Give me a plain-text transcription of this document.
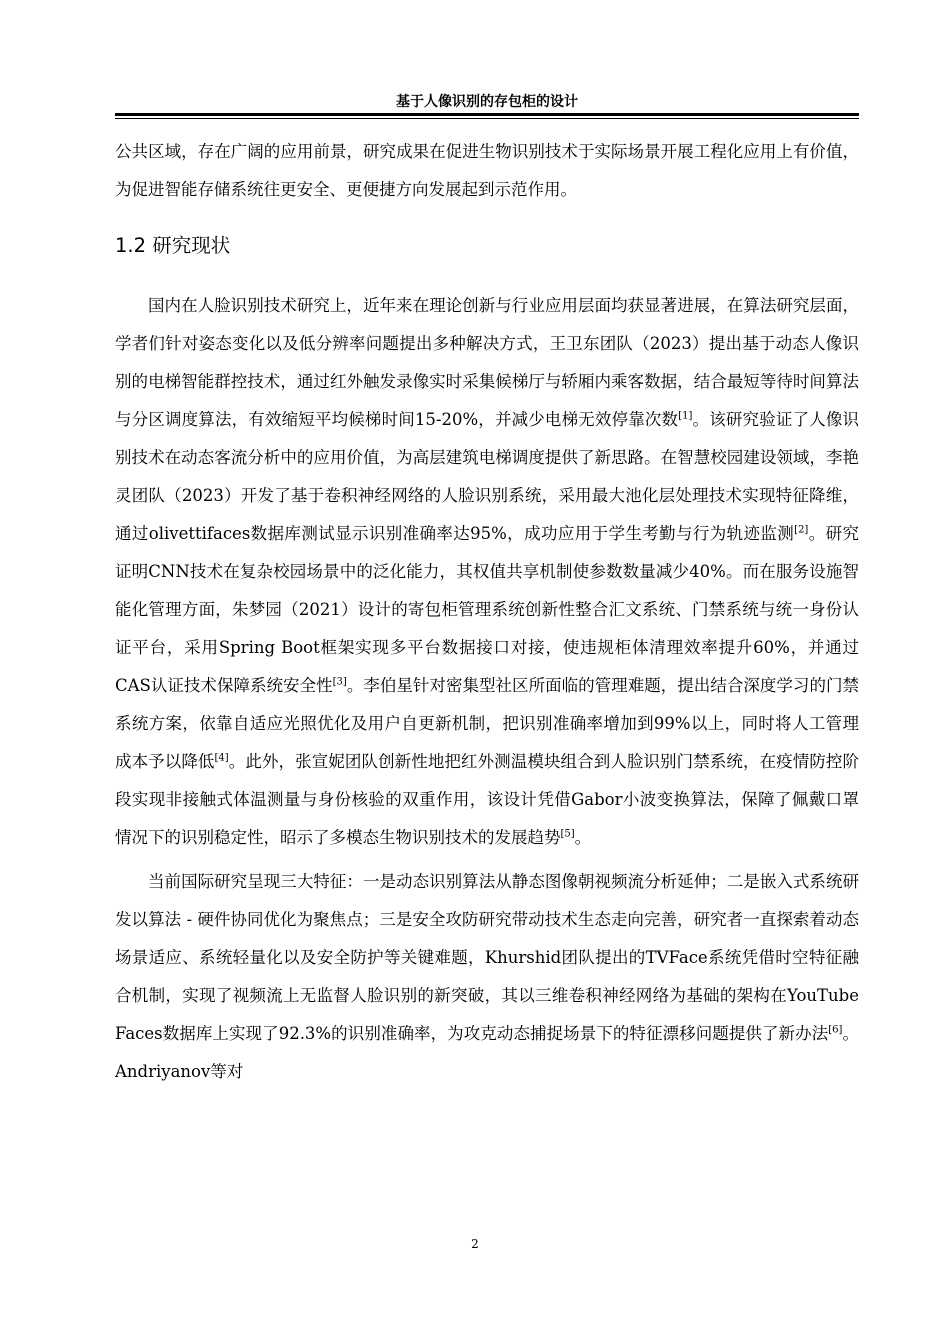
基于人像识别的存包柜的设计

公共区域，存在广阔的应用前景，研究成果在促进生物识别技术于实际场景开展工程化应用上有价值，为促进智能存储系统往更安全、更便捷方向发展起到示范作用。

1.2 研究现状

国内在人脸识别技术研究上，近年来在理论创新与行业应用层面均获显著进展，在算法研究层面，学者们针对姿态变化以及低分辨率问题提出多种解决方式，王卫东团队（2023）提出基于动态人像识别的电梯智能群控技术，通过红外触发录像实时采集候梯厅与轿厢内乘客数据，结合最短等待时间算法与分区调度算法，有效缩短平均候梯时间15-20%，并减少电梯无效停靠次数[1]。该研究验证了人像识别技术在动态客流分析中的应用价值，为高层建筑电梯调度提供了新思路。在智慧校园建设领域，李艳灵团队（2023）开发了基于卷积神经网络的人脸识别系统，采用最大池化层处理技术实现特征降维，通过olivettifaces数据库测试显示识别准确率达95%，成功应用于学生考勤与行为轨迹监测[2]。研究证明CNN技术在复杂校园场景中的泛化能力，其权值共享机制使参数数量减少40%。而在服务设施智能化管理方面，朱梦园（2021）设计的寄包柜管理系统创新性整合汇文系统、门禁系统与统一身份认证平台，采用Spring Boot框架实现多平台数据接口对接，使违规柜体清理效率提升60%，并通过CAS认证技术保障系统安全性[3]。李伯星针对密集型社区所面临的管理难题，提出结合深度学习的门禁系统方案，依靠自适应光照优化及用户自更新机制，把识别准确率增加到99%以上，同时将人工管理成本予以降低[4]。此外，张宣妮团队创新性地把红外测温模块组合到人脸识别门禁系统，在疫情防控阶段实现非接触式体温测量与身份核验的双重作用，该设计凭借Gabor小波变换算法，保障了佩戴口罩情况下的识别稳定性，昭示了多模态生物识别技术的发展趋势[5]。

当前国际研究呈现三大特征：一是动态识别算法从静态图像朝视频流分析延伸；二是嵌入式系统研发以算法 - 硬件协同优化为聚焦点；三是安全攻防研究带动技术生态走向完善，研究者一直探索着动态场景适应、系统轻量化以及安全防护等关键难题，Khurshid团队提出的TVFace系统凭借时空特征融合机制，实现了视频流上无监督人脸识别的新突破，其以三维卷积神经网络为基础的架构在YouTube Faces数据库上实现了92.3%的识别准确率，为攻克动态捕捉场景下的特征漂移问题提供了新办法[6]。Andriyanov等对

2
